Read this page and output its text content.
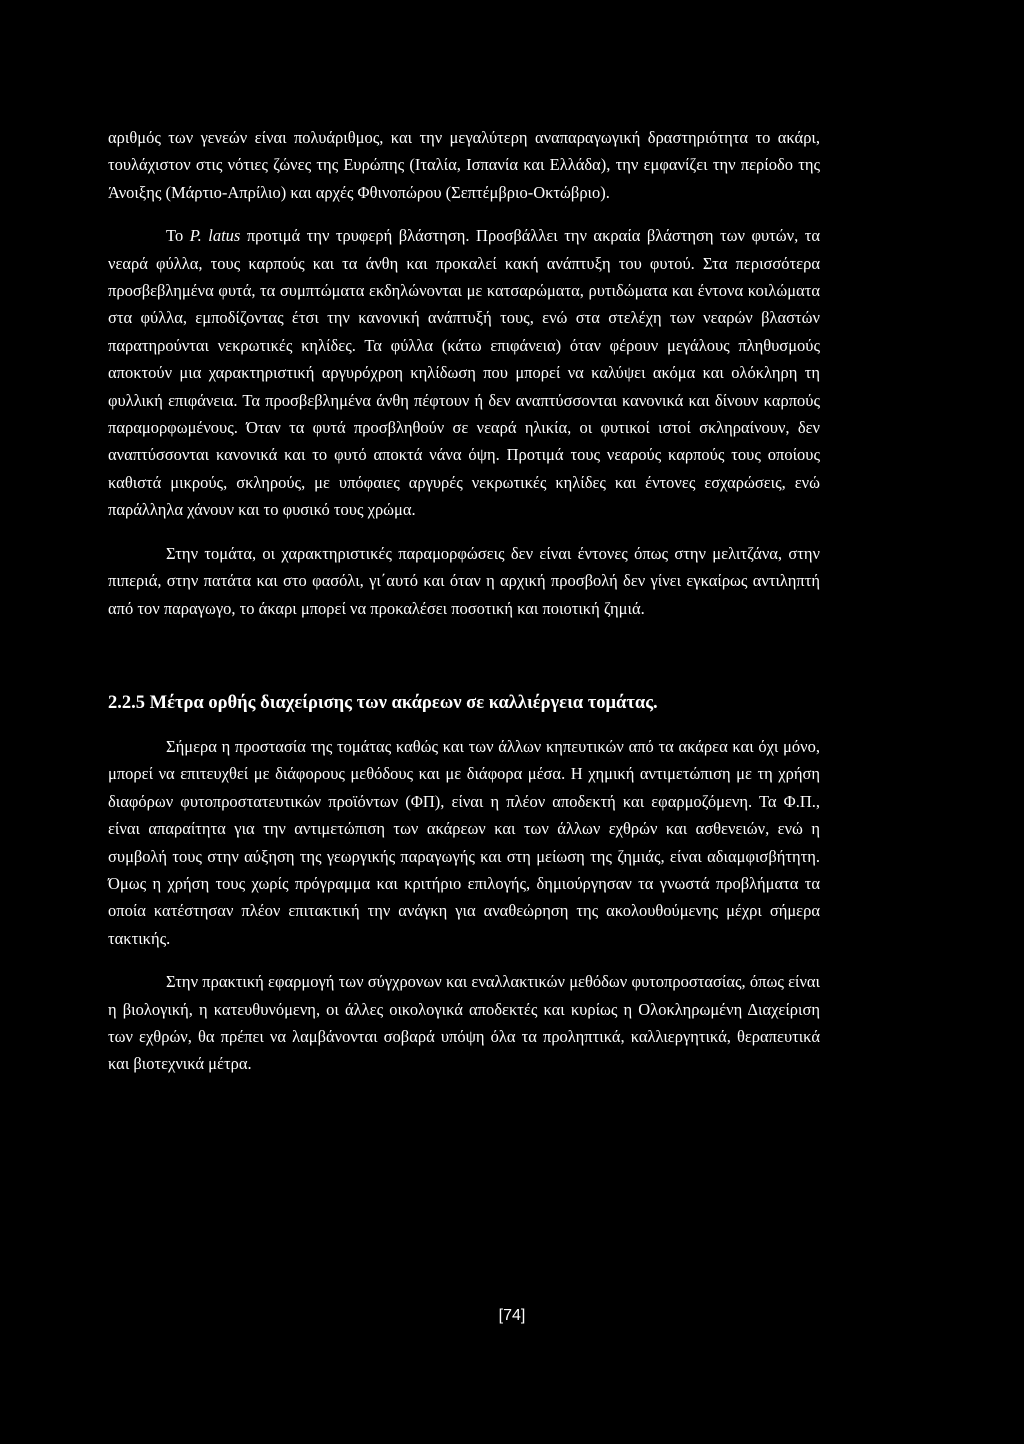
αριθμός των γενεών είναι πολυάριθμος, και την μεγαλύτερη αναπαραγωγική δραστηριότητα το ακάρι, τουλάχιστον στις νότιες ζώνες της Ευρώπης (Ιταλία, Ισπανία και Ελλάδα), την εμφανίζει την περίοδο της Άνοιξης (Μάρτιο-Απρίλιο) και αρχές Φθινοπώρου (Σεπτέμβριο-Οκτώβριο).

Το P. latus προτιμά την τρυφερή βλάστηση. Προσβάλλει την ακραία βλάστηση των φυτών, τα νεαρά φύλλα, τους καρπούς και τα άνθη και προκαλεί κακή ανάπτυξη του φυτού. Στα περισσότερα προσβεβλημένα φυτά, τα συμπτώματα εκδηλώνονται με κατσαρώματα, ρυτιδώματα και έντονα κοιλώματα στα φύλλα, εμποδίζοντας έτσι την κανονική ανάπτυξή τους, ενώ στα στελέχη των νεαρών βλαστών παρατηρούνται νεκρωτικές κηλίδες. Τα φύλλα (κάτω επιφάνεια) όταν φέρουν μεγάλους πληθυσμούς αποκτούν μια χαρακτηριστική αργυρόχροη κηλίδωση που μπορεί να καλύψει ακόμα και ολόκληρη τη φυλλική επιφάνεια. Τα προσβεβλημένα άνθη πέφτουν ή δεν αναπτύσσονται κανονικά και δίνουν καρπούς παραμορφωμένους. Όταν τα φυτά προσβληθούν σε νεαρά ηλικία, οι φυτικοί ιστοί σκληραίνουν, δεν αναπτύσσονται κανονικά και το φυτό αποκτά νάνα όψη. Προτιμά τους νεαρούς καρπούς τους οποίους καθιστά μικρούς, σκληρούς, με υπόφαιες αργυρές νεκρωτικές κηλίδες και έντονες εσχαρώσεις, ενώ παράλληλα χάνουν και το φυσικό τους χρώμα.

Στην τομάτα, οι χαρακτηριστικές παραμορφώσεις δεν είναι έντονες όπως στην μελιτζάνα, στην πιπεριά, στην πατάτα και στο φασόλι, γι΄αυτό και όταν η αρχική προσβολή δεν γίνει εγκαίρως αντιληπτή από τον παραγωγο, το άκαρι μπορεί να προκαλέσει ποσοτική και ποιοτική ζημιά.

2.2.5 Μέτρα ορθής διαχείρισης των ακάρεων σε καλλιέργεια τομάτας.

Σήμερα η προστασία της τομάτας καθώς και των άλλων κηπευτικών από τα ακάρεα και όχι μόνο, μπορεί να επιτευχθεί με διάφορους μεθόδους και με διάφορα μέσα. Η χημική αντιμετώπιση με τη χρήση διαφόρων φυτοπροστατευτικών προϊόντων (ΦΠ), είναι η πλέον αποδεκτή και εφαρμοζόμενη. Τα Φ.Π., είναι απαραίτητα για την αντιμετώπιση των ακάρεων και των άλλων εχθρών και ασθενειών, ενώ η συμβολή τους στην αύξηση της γεωργικής παραγωγής και στη μείωση της ζημιάς, είναι αδιαμφισβήτητη. Όμως η χρήση τους χωρίς πρόγραμμα και κριτήριο επιλογής, δημιούργησαν τα γνωστά προβλήματα τα οποία κατέστησαν πλέον επιτακτική την ανάγκη για αναθεώρηση της ακολουθούμενης μέχρι σήμερα τακτικής.

Στην πρακτική εφαρμογή των σύγχρονων και εναλλακτικών μεθόδων φυτοπροστασίας, όπως είναι η βιολογική, η κατευθυνόμενη, οι άλλες οικολογικά αποδεκτές και κυρίως η Ολοκληρωμένη Διαχείριση των εχθρών, θα πρέπει να λαμβάνονται σοβαρά υπόψη όλα τα προληπτικά, καλλιεργητικά, θεραπευτικά και βιοτεχνικά μέτρα.

[74]
